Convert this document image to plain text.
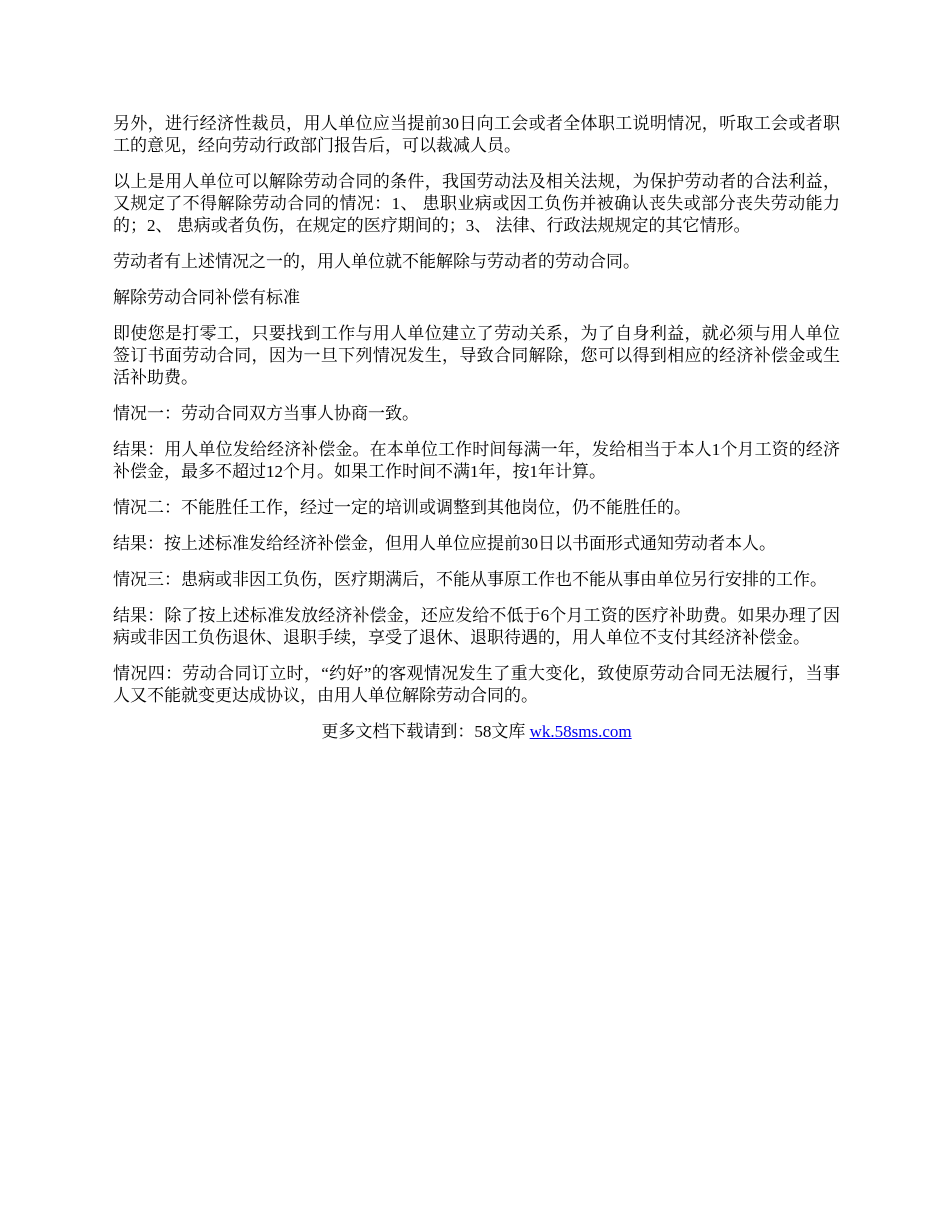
另外，进行经济性裁员，用人单位应当提前30日向工会或者全体职工说明情况，听取工会或者职工的意见，经向劳动行政部门报告后，可以裁减人员。

以上是用人单位可以解除劳动合同的条件，我国劳动法及相关法规，为保护劳动者的合法利益，又规定了不得解除劳动合同的情况：1、 患职业病或因工负伤并被确认丧失或部分丧失劳动能力的；2、 患病或者负伤，在规定的医疗期间的；3、 法律、行政法规规定的其它情形。

劳动者有上述情况之一的，用人单位就不能解除与劳动者的劳动合同。

解除劳动合同补偿有标准

即使您是打零工，只要找到工作与用人单位建立了劳动关系，为了自身利益，就必须与用人单位签订书面劳动合同，因为一旦下列情况发生，导致合同解除，您可以得到相应的经济补偿金或生活补助费。

情况一：劳动合同双方当事人协商一致。

结果：用人单位发给经济补偿金。在本单位工作时间每满一年，发给相当于本人1个月工资的经济补偿金，最多不超过12个月。如果工作时间不满1年，按1年计算。

情况二：不能胜任工作，经过一定的培训或调整到其他岗位，仍不能胜任的。

结果：按上述标准发给经济补偿金，但用人单位应提前30日以书面形式通知劳动者本人。

情况三：患病或非因工负伤，医疗期满后，不能从事原工作也不能从事由单位另行安排的工作。

结果：除了按上述标准发放经济补偿金，还应发给不低于6个月工资的医疗补助费。如果办理了因病或非因工负伤退休、退职手续，享受了退休、退职待遇的，用人单位不支付其经济补偿金。

情况四：劳动合同订立时，“约好”的客观情况发生了重大变化，致使原劳动合同无法履行，当事人又不能就变更达成协议，由用人单位解除劳动合同的。

更多文档下载请到：58文库 wk.58sms.com
